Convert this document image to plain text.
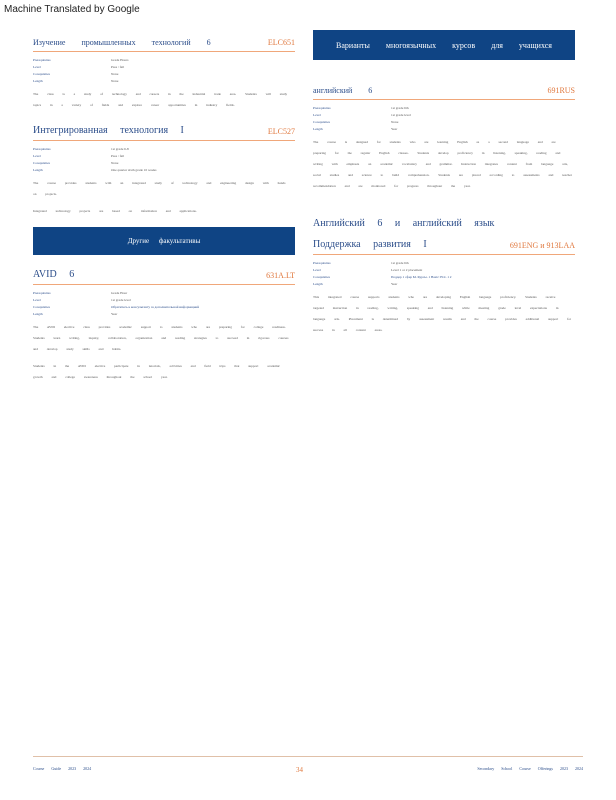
Machine Translated by Google
Изучение промышленных технологий 6	ELC651
Prerequisites	Grade Hours
Level	Pass / fail
Corequisites	None
Length	None

The class is a study of technology and careers in the industrial trade area. Students will study topics in a variety of fields and explore career opportunities in industry fields.

Интегрированная технология I	ELC527
Prerequisites	1st grade 6-8
Level	Pass / fail
Corequisites	None
Length	One quarter sixth grade 10 weeks

The course provides students with an integrated study of technology and engineering design with hands on projects.

Integrated technology projects are based on information and applications.

Другие факультативы
AVID 6	631A.LT
Prerequisites	Grade Hour
Level	1st grade level
Corequisites	Обратитесь к консультанту за дополнительной информацией
Length	Year

The AVID elective class provides academic support to students who are preparing for college readiness. Students learn writing, inquiry, collaboration, organization and reading strategies to succeed in rigorous courses and develop study skills and habits.

Students in the AVID elective participate in tutorials, activities and field trips that support academic growth and college awareness throughout the school year.

Варианты многоязычных курсов для учащихся
английский 6	691RUS
Prerequisites	1st grade 6th
Level	1st grade level
Corequisites	None
Length	Year

The course is designed for students who are learning English as a second language and are preparing for the regular English classes. Students develop proficiency in listening, speaking, reading and writing with emphasis on academic vocabulary and grammar. Instruction integrates content from language arts, social studies and science to build comprehension. Students are placed according to assessments and teacher recommendation and are monitored for progress throughout the year.

Английский 6 и английский язык
Поддержка развития I	691ENG и 913LAA
Prerequisites	1st grade 6th
Level	Level 1 or 2 placement
Corequisites	Поддер 1 сфер Ы. Курсы. 1 Basic: ELL 1 2
Length	Year

This integrated course supports students who are developing English language proficiency. Students receive targeted instruction in reading, writing, speaking and listening while meeting grade level expectations in language arts. Placement is determined by assessment results and the course provides additional support for success in all content areas.

Course Guide 2023 2024	34	Secondary School Course Offerings 2023 2024
